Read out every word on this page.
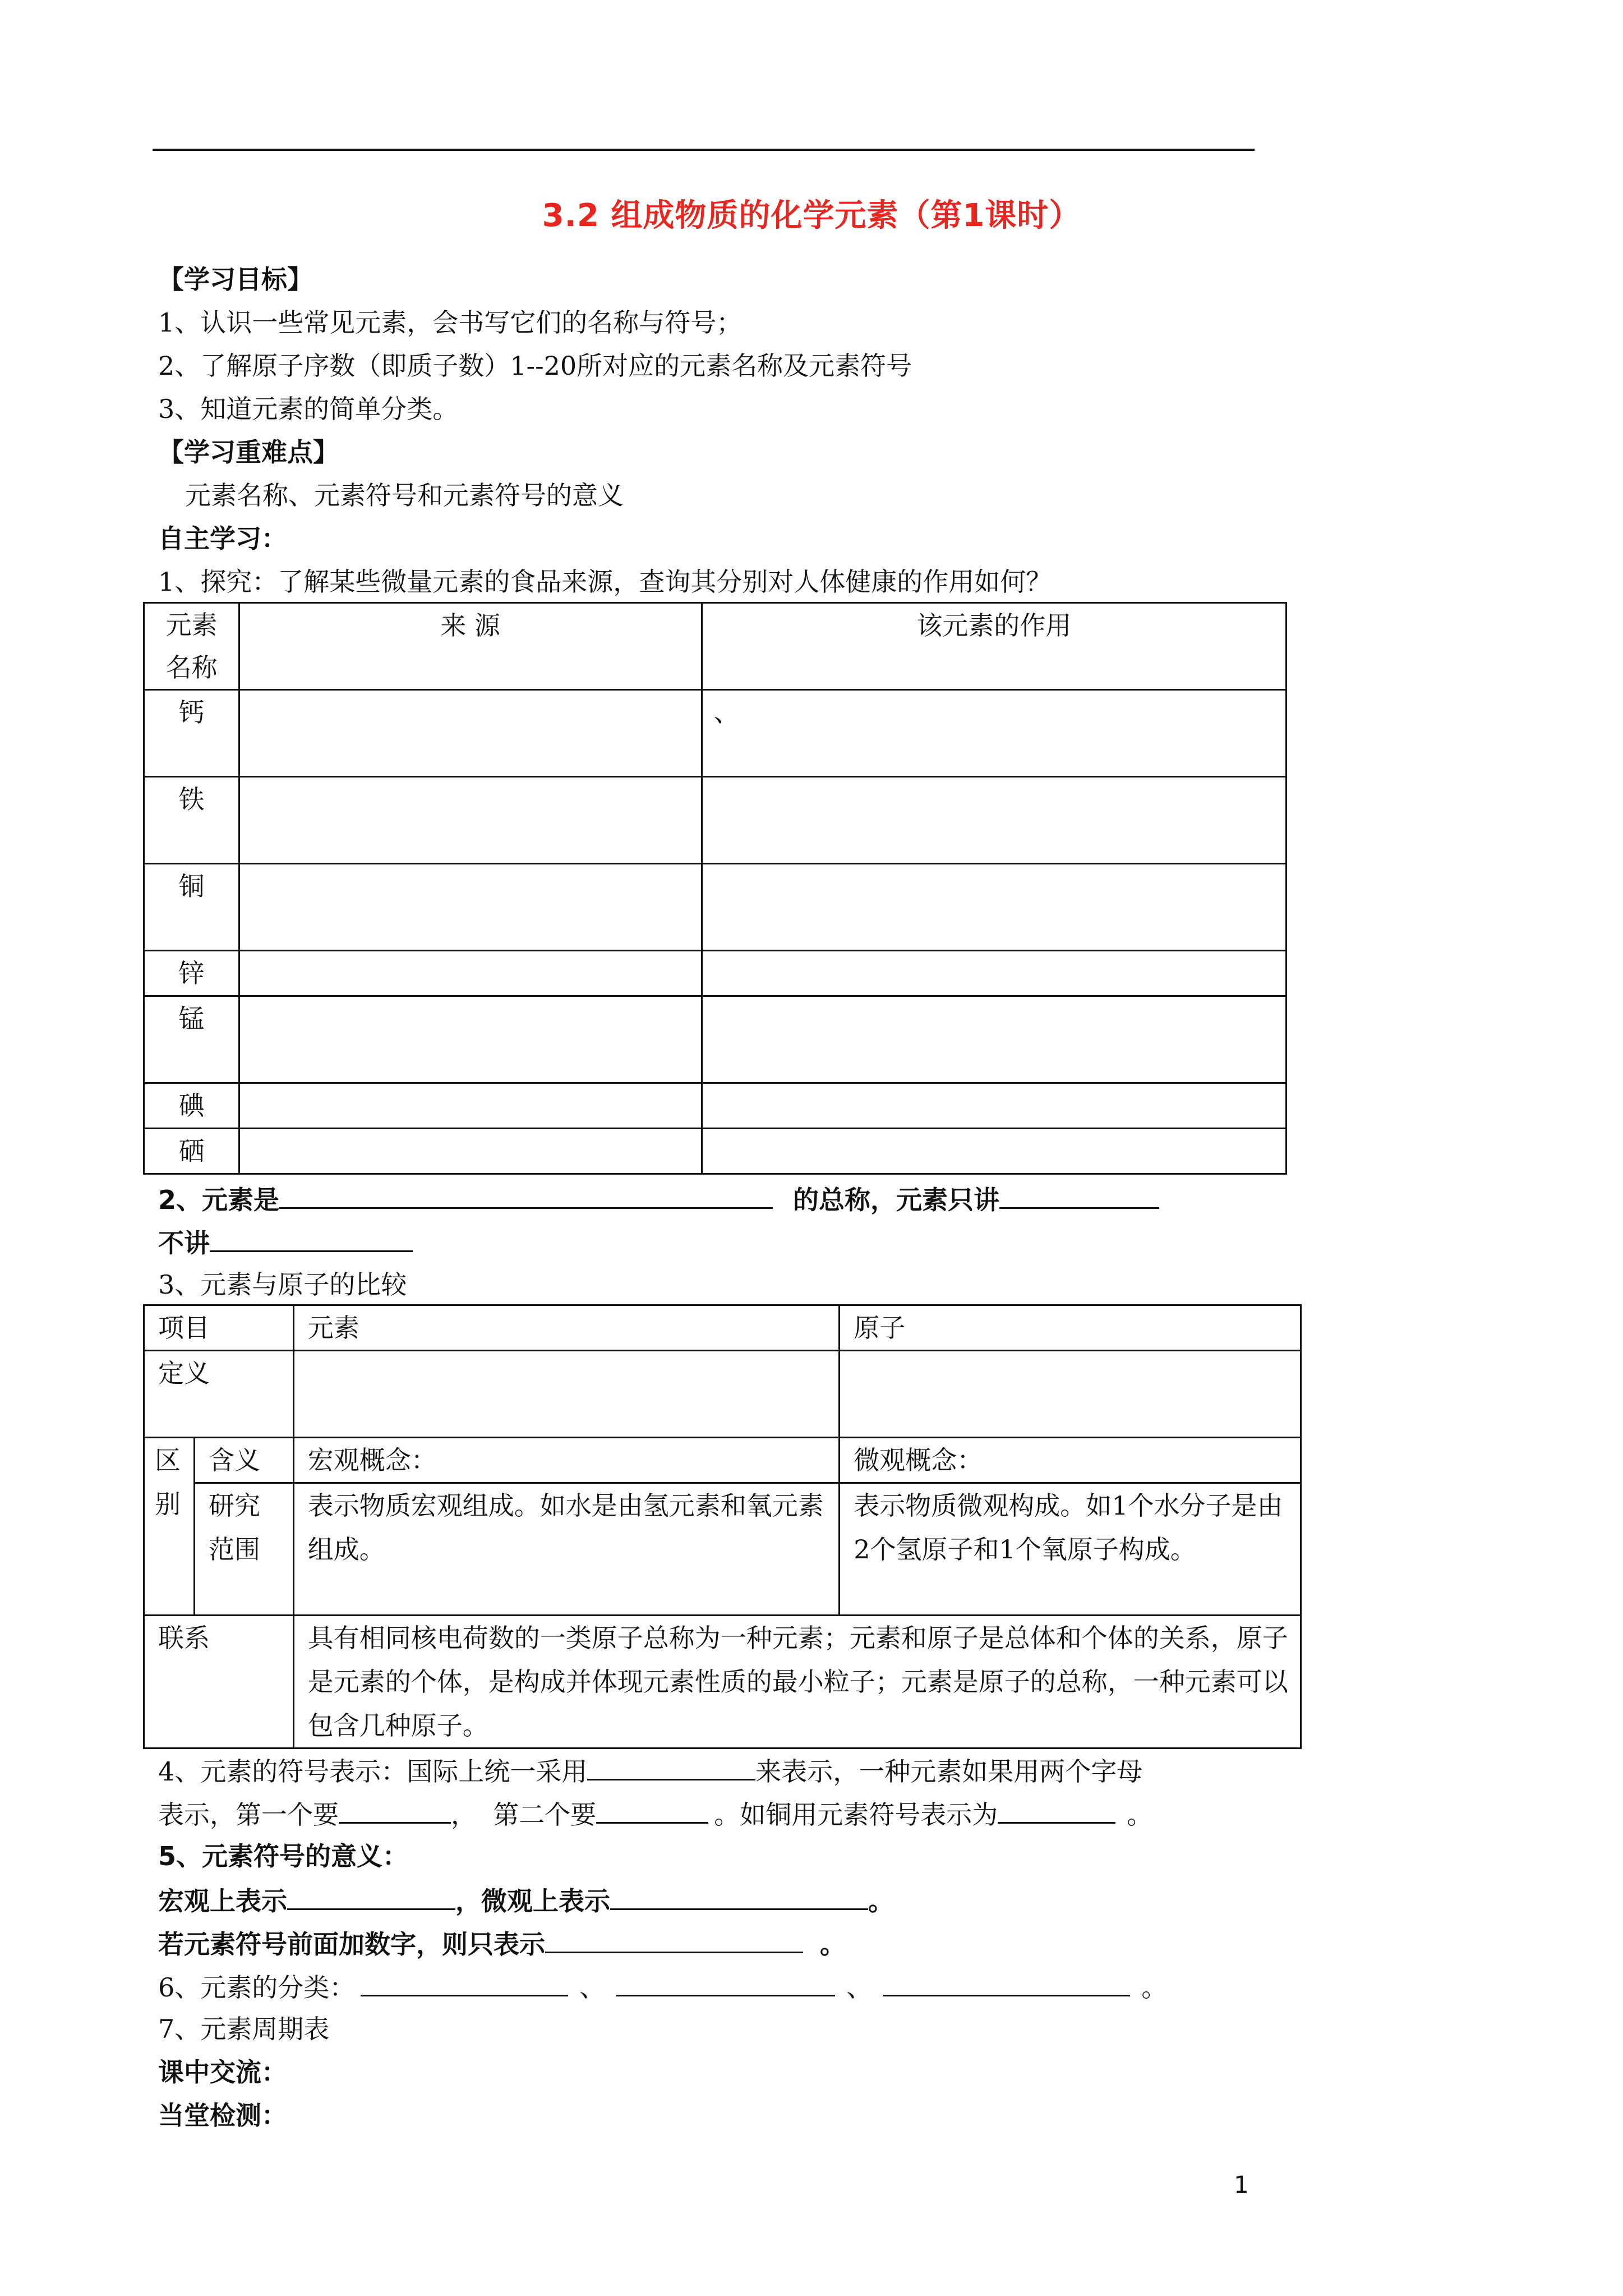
3.2 组成物质的化学元素（第1课时）
【学习目标】
1、认识一些常见元素，会书写它们的名称与符号；
2、了解原子序数（即质子数）1--20所对应的元素名称及元素符号
3、知道元素的简单分类。
【学习重难点】
元素名称、元素符号和元素符号的意义
自主学习：
1、探究：了解某些微量元素的食品来源，查询其分别对人体健康的作用如何？
元素名称	来 源	该元素的作用
钙		、
铁		
铜		
锌		
锰		
碘		
硒		
2、元素是	的总称，元素只讲
不讲
3、元素与原子的比较
项目		元素	原子
定义			
区别	含义	宏观概念：	微观概念：
	研究范围	表示物质宏观组成。如水是由氢元素和氧元素组成。	表示物质微观构成。如1个水分子是由2个氢原子和1个氧原子构成。
联系		具有相同核电荷数的一类原子总称为一种元素；元素和原子是总体和个体的关系，原子是元素的个体，是构成并体现元素性质的最小粒子；元素是原子的总称，一种元素可以包含几种原子。	
4、元素的符号表示：国际上统一采用	来表示，一种元素如果用两个字母
表示，第一个要	，  第二个要	。如铜用元素符号表示为	。
5、元素符号的意义：
宏观上表示	，微观上表示	。
若元素符号前面加数字，则只表示	。
6、元素的分类：	、	、	。
7、元素周期表
课中交流：
当堂检测：
1
